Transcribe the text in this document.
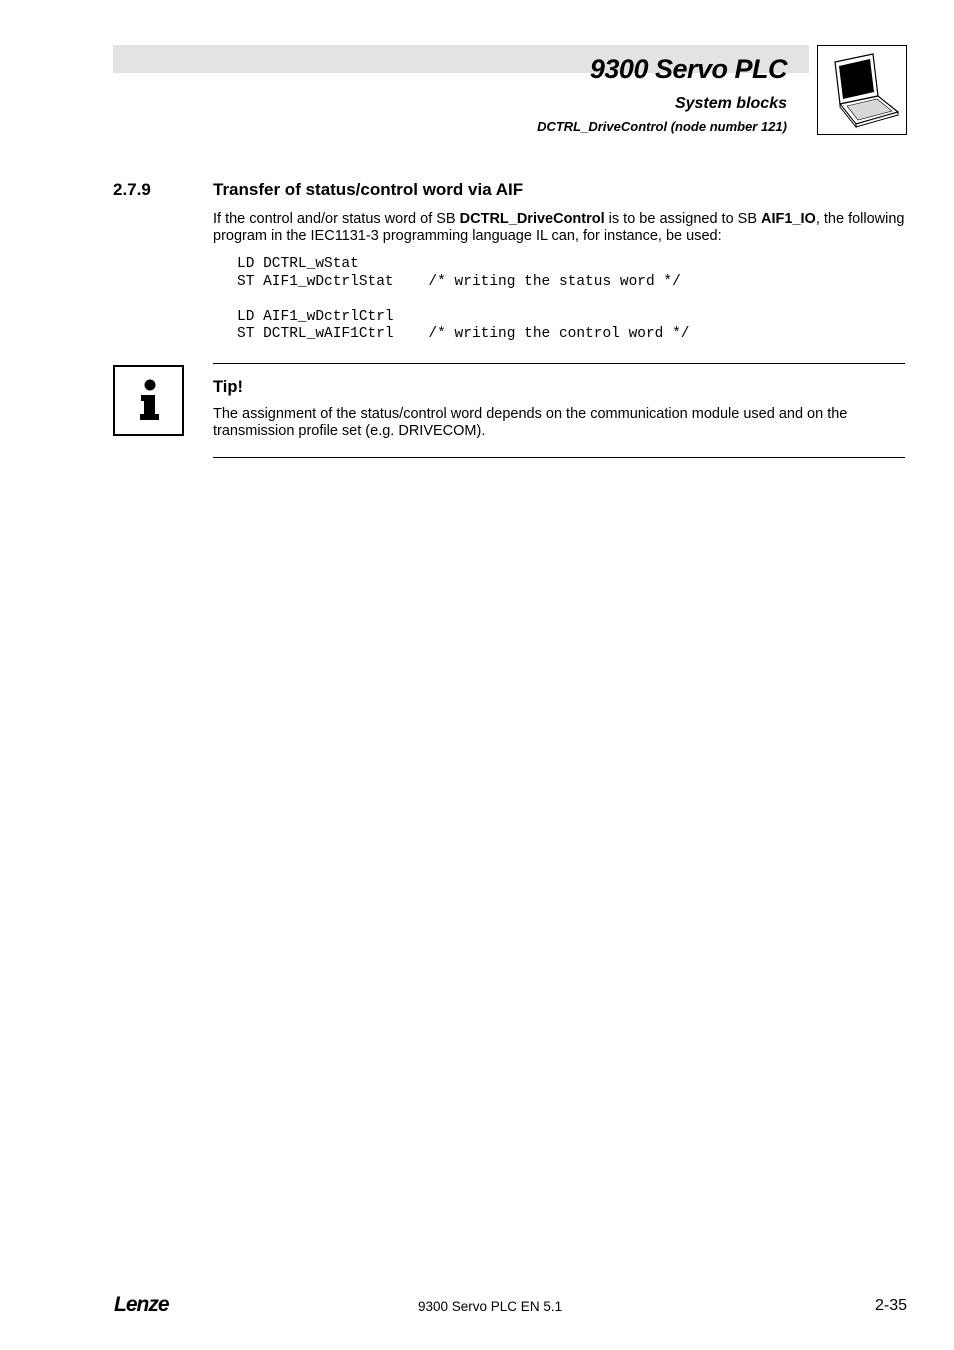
9300 Servo PLC
System blocks
DCTRL_DriveControl (node number 121)
2.7.9	Transfer of status/control word via AIF

If the control and/or status word of SB DCTRL_DriveControl is to be assigned to SB AIF1_IO, the following program in the IEC1131-3 programming language IL can, for instance, be used:

LD DCTRL_wStat
ST AIF1_wDctrlStat    /* writing the status word */
LD AIF1_wDctrlCtrl
ST DCTRL_wAIF1Ctrl    /* writing the control word */
Tip!

The assignment of the status/control word depends on the communication module used and on the transmission profile set (e.g. DRIVECOM).

Lenze	9300 Servo PLC EN 5.1	2-35
